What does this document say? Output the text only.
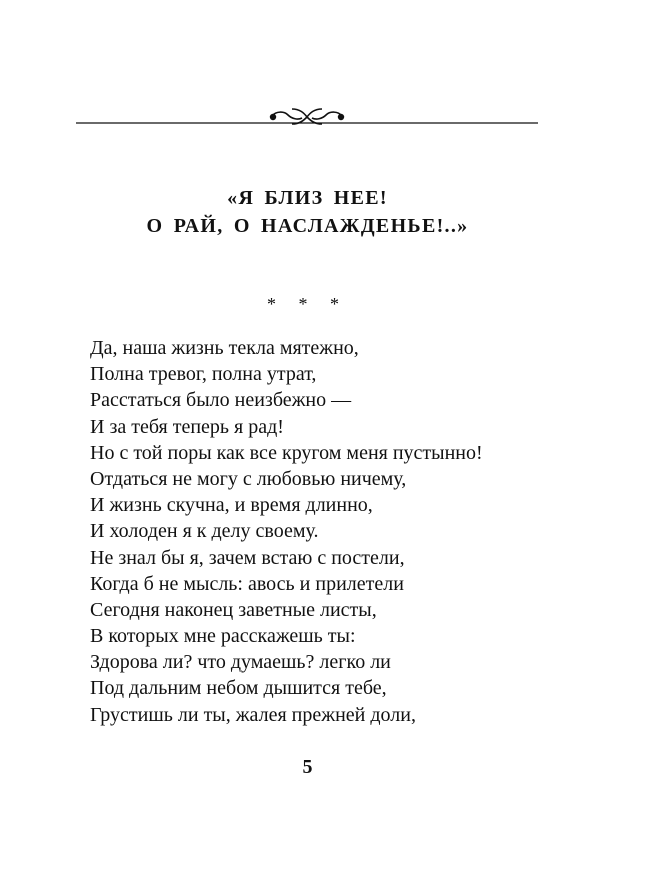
«Я БЛИЗ НЕЕ!
О РАЙ, О НАСЛАЖДЕНЬЕ!..»
* * *
Да, наша жизнь текла мятежно,
Полна тревог, полна утрат,
Расстаться было неизбежно —
И за тебя теперь я рад!
Но с той поры как все кругом меня пустынно!
Отдаться не могу с любовью ничему,
И жизнь скучна, и время длинно,
И холоден я к делу своему.
Не знал бы я, зачем встаю с постели,
Когда б не мысль: авось и прилетели
Сегодня наконец заветные листы,
В которых мне расскажешь ты:
Здорова ли? что думаешь? легко ли
Под дальним небом дышится тебе,
Грустишь ли ты, жалея прежней доли,
5
